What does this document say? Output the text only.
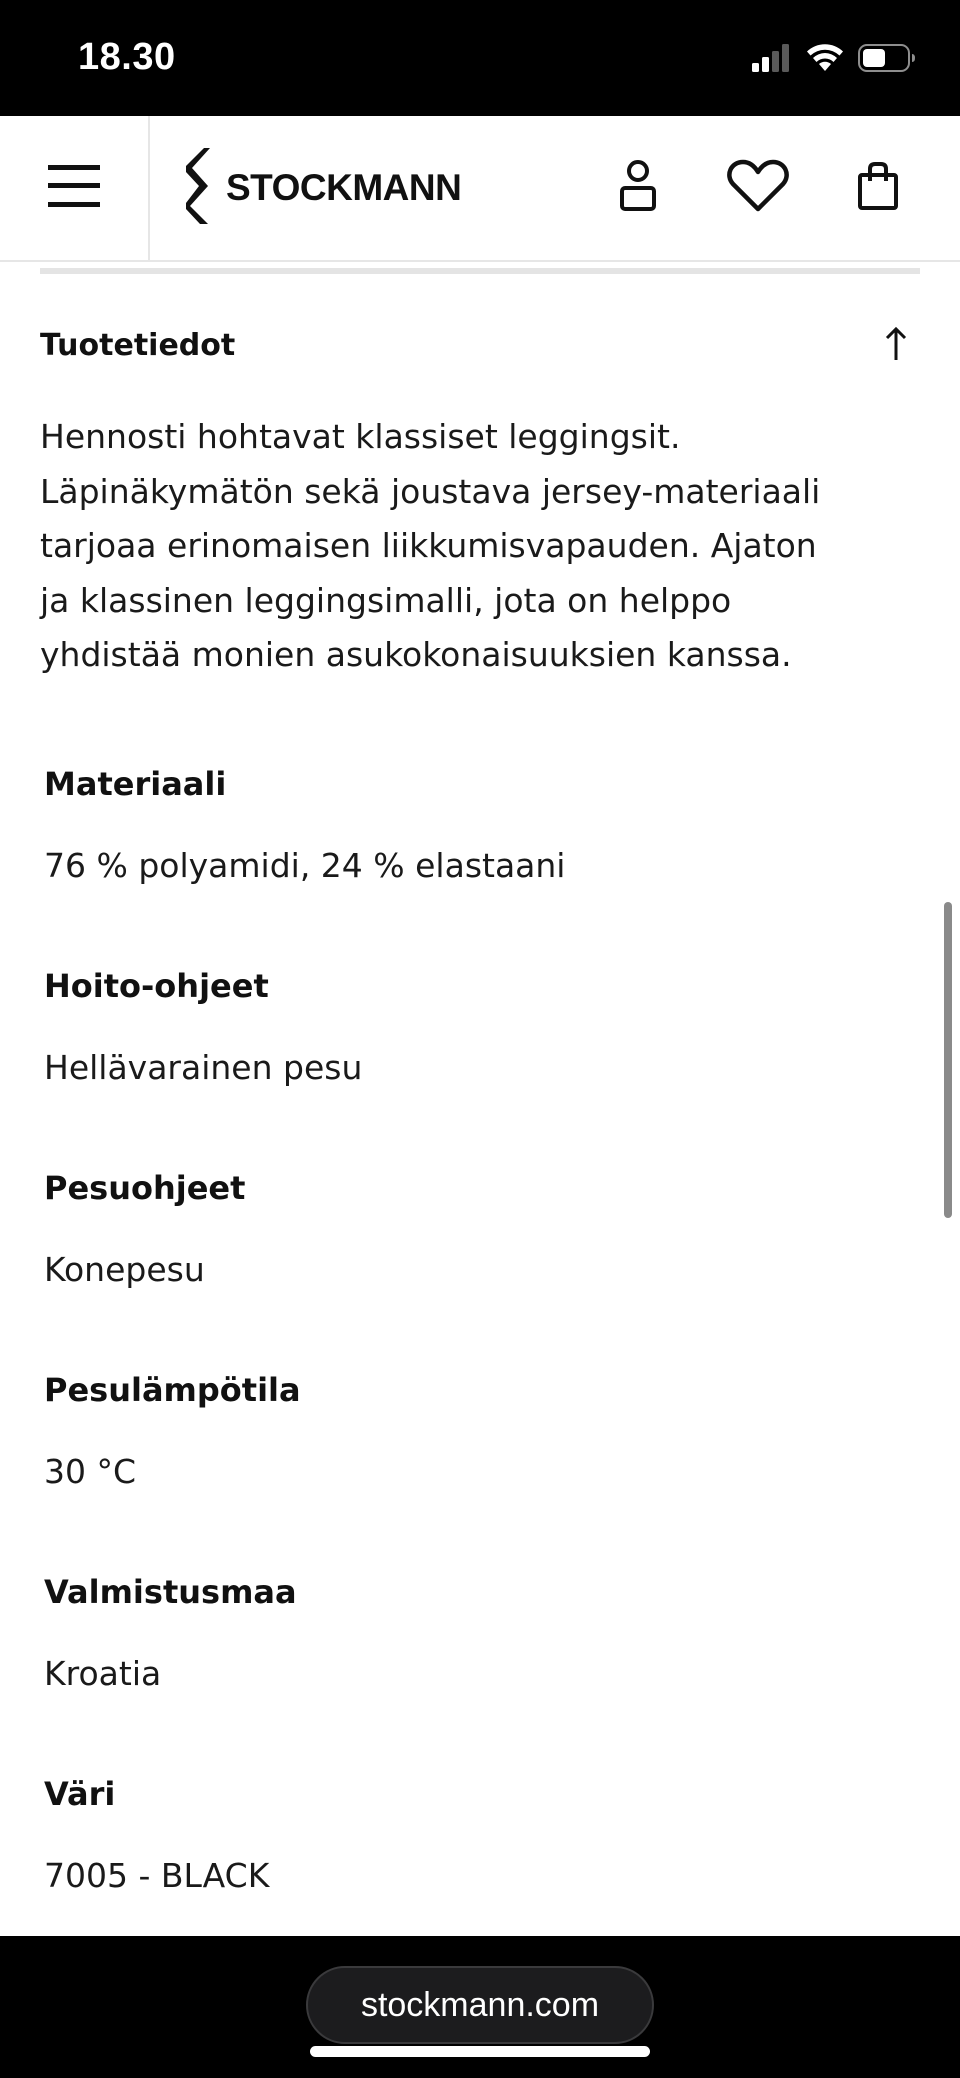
18.30
STOCKMANN
Tuotetiedot

Hennosti hohtavat klassiset leggingsit.
Läpinäkymätön sekä joustava jersey-materiaali
tarjoaa erinomaisen liikkumisvapauden. Ajaton
ja klassinen leggingsimalli, jota on helppo
yhdistää monien asukokonaisuuksien kanssa.

Materiaali

76 % polyamidi, 24 % elastaani

Hoito-ohjeet

Hellävarainen pesu

Pesuohjeet

Konepesu

Pesulämpötila

30 °C

Valmistusmaa

Kroatia

Väri

7005 - BLACK

stockmann.com
